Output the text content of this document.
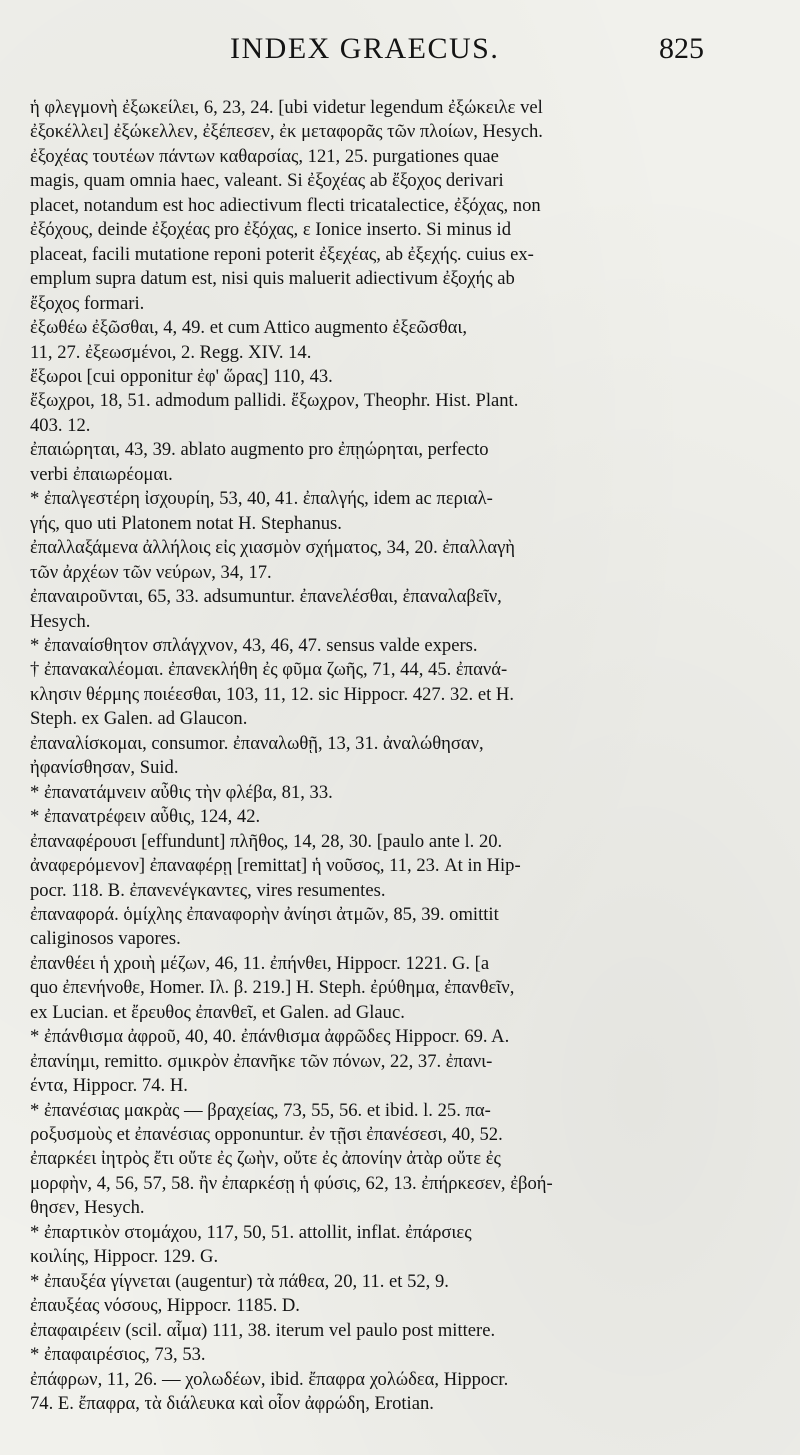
INDEX GRAECUS.	825
ἡ φλεγμονὴ ἐξωκείλει, 6, 23, 24. [ubi videtur legendum ἐξώκειλε vel
ἐξοκέλλει] ἐξώκελλεν, ἐξέπεσεν, ἐκ μεταφορᾶς τῶν πλοίων, Hesych.
ἐξοχέας τουτέων πάντων καθαρσίας, 121, 25. purgationes quae
magis, quam omnia haec, valeant. Si ἐξοχέας ab ἔξοχος derivari
placet, notandum est hoc adiectivum flecti tricatalectice, ἐξόχας, non
ἐξόχους, deinde ἐξοχέας pro ἐξόχας, ε Ionice inserto. Si minus id
placeat, facili mutatione reponi poterit ἐξεχέας, ab ἐξεχής. cuius ex-
emplum supra datum est, nisi quis maluerit adiectivum ἐξοχής ab
ἔξοχος formari.
ἐξωθέω ἐξῶσθαι, 4, 49. et cum Attico augmento ἐξεῶσθαι,
11, 27. ἐξεωσμένοι, 2. Regg. XIV. 14.
ἔξωροι [cui opponitur ἐφ' ὥρας] 110, 43.
ἔξωχροι, 18, 51. admodum pallidi. ἔξωχρον, Theophr. Hist. Plant.
403. 12.
ἐπαιώρηται, 43, 39. ablato augmento pro ἐπῃώρηται, perfecto
verbi ἐπαιωρέομαι.
* ἐπαλγεστέρη ἰσχουρίη, 53, 40, 41. ἐπαλγής, idem ac περιαλ-
γής, quo uti Platonem notat H. Stephanus.
ἐπαλλαξάμενα ἀλλήλοις εἰς χιασμὸν σχήματος, 34, 20. ἐπαλλαγὴ
τῶν ἀρχέων τῶν νεύρων, 34, 17.
ἐπαναιροῦνται, 65, 33. adsumuntur. ἐπανελέσθαι, ἐπαναλαβεῖν,
Hesych.
* ἐπαναίσθητον σπλάγχνον, 43, 46, 47. sensus valde expers.
† ἐπανακαλέομαι. ἐπανεκλήθη ἐς φῦμα ζωῆς, 71, 44, 45. ἐπανά-
κλησιν θέρμης ποιέεσθαι, 103, 11, 12. sic Hippocr. 427. 32. et H.
Steph. ex Galen. ad Glaucon.
ἐπαναλίσκομαι, consumor. ἐπαναλωθῇ, 13, 31. ἀναλώθησαν,
ἠφανίσθησαν, Suid.
* ἐπανατάμνειν αὖθις τὴν φλέβα, 81, 33.
* ἐπανατρέφειν αὖθις, 124, 42.
ἐπαναφέρουσι [effundunt] πλῆθος, 14, 28, 30. [paulo ante l. 20.
ἀναφερόμενον] ἐπαναφέρῃ [remittat] ἡ νοῦσος, 11, 23. At in Hip-
pocr. 118. B. ἐπανενέγκαντες, vires resumentes.
ἐπαναφορά. ὁμίχλης ἐπαναφορὴν ἀνίησι ἀτμῶν, 85, 39. omittit
caliginosos vapores.
ἐπανθέει ἡ χροιὴ μέζων, 46, 11. ἐπήνθει, Hippocr. 1221. G. [a
quo ἐπενήνοθε, Homer. Ιλ. β. 219.] H. Steph. ἐρύθημα, ἐπανθεῖν,
ex Lucian. et ἔρευθος ἐπανθεῖ, et Galen. ad Glauc.
* ἐπάνθισμα ἀφροῦ, 40, 40. ἐπάνθισμα ἀφρῶδες Hippocr. 69. A.
ἐπανίημι, remitto. σμικρὸν ἐπανῆκε τῶν πόνων, 22, 37. ἐπανι-
έντα, Hippocr. 74. H.
* ἐπανέσιας μακρὰς — βραχείας, 73, 55, 56. et ibid. l. 25. πα-
ροξυσμοὺς et ἐπανέσιας opponuntur. ἐν τῇσι ἐπανέσεσι, 40, 52.
ἐπαρκέει ἰητρὸς ἔτι οὔτε ἐς ζωὴν, οὔτε ἐς ἀπονίην ἀτὰρ οὔτε ἐς
μορφὴν, 4, 56, 57, 58. ἢν ἐπαρκέσῃ ἡ φύσις, 62, 13. ἐπήρκεσεν, ἐβοή-
θησεν, Hesych.
* ἐπαρτικὸν στομάχου, 117, 50, 51. attollit, inflat. ἐπάρσιες
κοιλίης, Hippocr. 129. G.
* ἐπαυξέα γίγνεται (augentur) τὰ πάθεα, 20, 11. et 52, 9.
ἐπαυξέας νόσους, Hippocr. 1185. D.
ἐπαφαιρέειν (scil. αἷμα) 111, 38. iterum vel paulo post mittere.
* ἐπαφαιρέσιος, 73, 53.
ἐπάφρων, 11, 26. — χολωδέων, ibid. ἔπαφρα χολώδεα, Hippocr.
74. E. ἔπαφρα, τὰ διάλευκα καὶ οἷον ἀφρώδη, Erotian.
